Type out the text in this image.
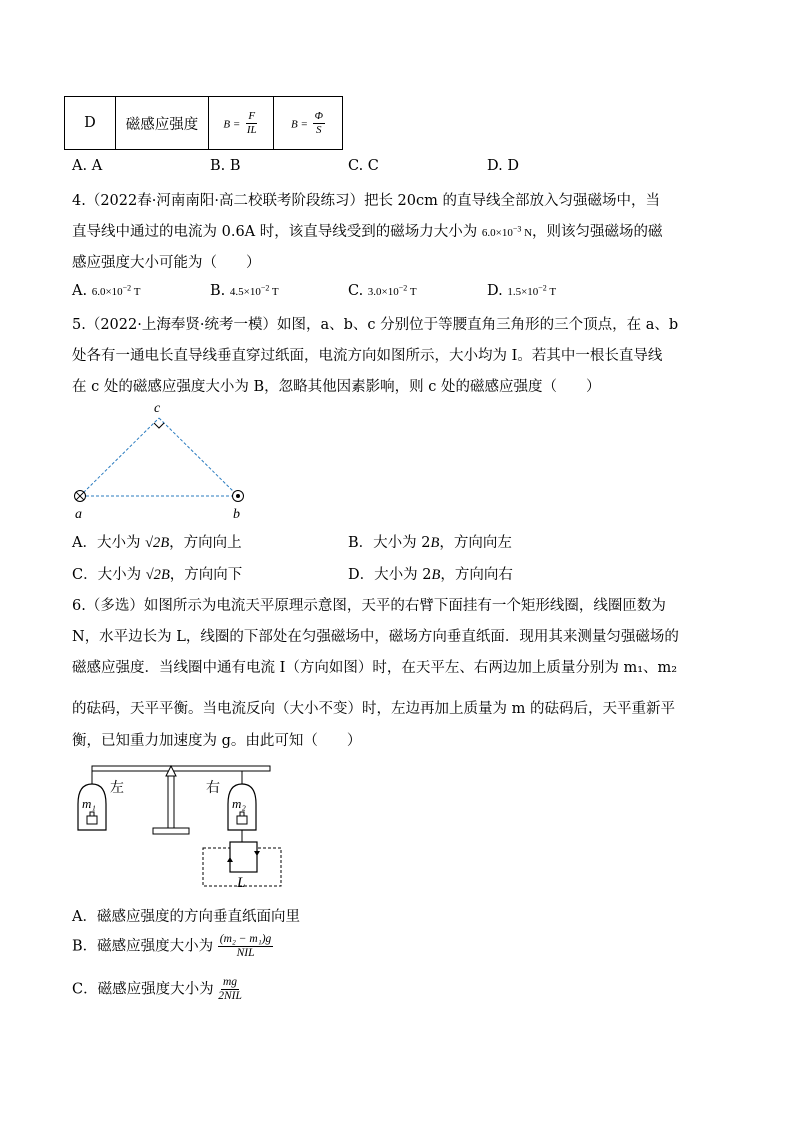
D	磁感应强度	$B = \frac{F}{IL}$	$B = \frac{\Phi}{S}$
A. A	B. B	C. C	D. D
4.（2022春·河南南阳·高二校联考阶段练习）把长 20cm 的直导线全部放入匀强磁场中，当
直导线中通过的电流为 0.6A 时，该直导线受到的磁场力大小为 $6.0\times 10^{-3}$ N，则该匀强磁场的磁
感应强度大小可能为（　　）
A. $6.0\times 10^{-2}$ T	B. $4.5\times 10^{-2}$ T	C. $3.0\times 10^{-2}$ T	D. $1.5\times 10^{-2}$ T
5.（2022·上海奉贤·统考一模）如图，a、b、c 分别位于等腰直角三角形的三个顶点，在 a、b
处各有一通电长直导线垂直穿过纸面，电流方向如图所示，大小均为 I。若其中一根长直导线
在 c 处的磁感应强度大小为 B，忽略其他因素影响，则 c 处的磁感应强度（　　）
c
a	b
A．大小为 √2B，方向向上	B．大小为 2B，方向向左
C．大小为 √2B，方向向下	D．大小为 2B，方向向右
6.（多选）如图所示为电流天平原理示意图，天平的右臂下面挂有一个矩形线圈，线圈匝数为
N，水平边长为 L，线圈的下部处在匀强磁场中，磁场方向垂直纸面．现用其来测量匀强磁场的
磁感应强度．当线圈中通有电流 I（方向如图）时，在天平左、右两边加上质量分别为 m₁、m₂
的砝码，天平平衡。当电流反向（大小不变）时，左边再加上质量为 m 的砝码后，天平重新平
衡，已知重力加速度为 g。由此可知（　　）
m₁
左
m₂
右
L
A．磁感应强度的方向垂直纸面向里
B．磁感应强度大小为 $\frac{\text{(m₂ − m₁)g}}{\text{NIL}}$
C．磁感应强度大小为 $\frac{mg}{\text{2NIL}}$
